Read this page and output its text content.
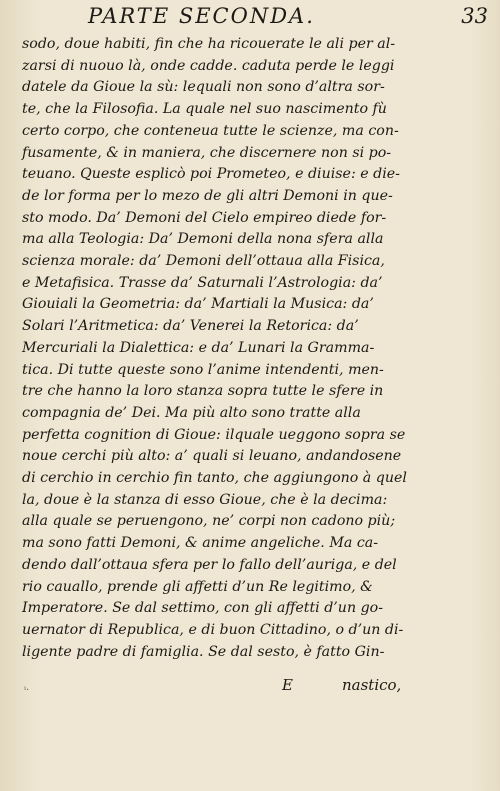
PARTE SECONDA.	33
sodo, doue habiti, fin che ha ricouerate le ali per al-
zarsi di nuouo là, onde cadde. caduta perde le leggi
datele da Gioue la sù: lequali non sono d’altra sor-
te, che la Filosofia. La quale nel suo nascimento fù
certo corpo, che conteneua tutte le scienze, ma con-
fusamente, & in maniera, che discernere non si po-
teuano. Queste esplicò poi Prometeo, e diuise: e die-
de lor forma per lo mezo de gli altri Demoni in que-
sto modo. Da’ Demoni del Cielo empireo diede for-
ma alla Teologia: Da’ Demoni della nona sfera alla
scienza morale: da’ Demoni dell’ottaua alla Fisica,
e Metafisica. Trasse da’ Saturnali l’Astrologia: da’
Giouiali la Geometria: da’ Martiali la Musica: da’
Solari l’Aritmetica: da’ Venerei la Retorica: da’
Mercuriali la Dialettica: e da’ Lunari la Gramma-
tica. Di tutte queste sono l’anime intendenti, men-
tre che hanno la loro stanza sopra tutte le sfere in
compagnia de’ Dei. Ma più alto sono tratte alla
perfetta cognition di Gioue: ilquale ueggono sopra se
noue cerchi più alto: a’ quali si leuano, andandosene
di cerchio in cerchio fin tanto, che aggiungono à quel
la, doue è la stanza di esso Gioue, che è la decima:
alla quale se peruengono, ne’ corpi non cadono più;
ma sono fatti Demoni, & anime angeliche. Ma ca-
dendo dall’ottaua sfera per lo fallo dell’auriga, e del
rio cauallo, prende gli affetti d’un Re legitimo, &
Imperatore. Se dal settimo, con gli affetti d’un go-
uernator di Republica, e di buon Cittadino, o d’un di-
ligente padre di famiglia. Se dal sesto, è fatto Gin-
ᵢ.	E	nastico,
